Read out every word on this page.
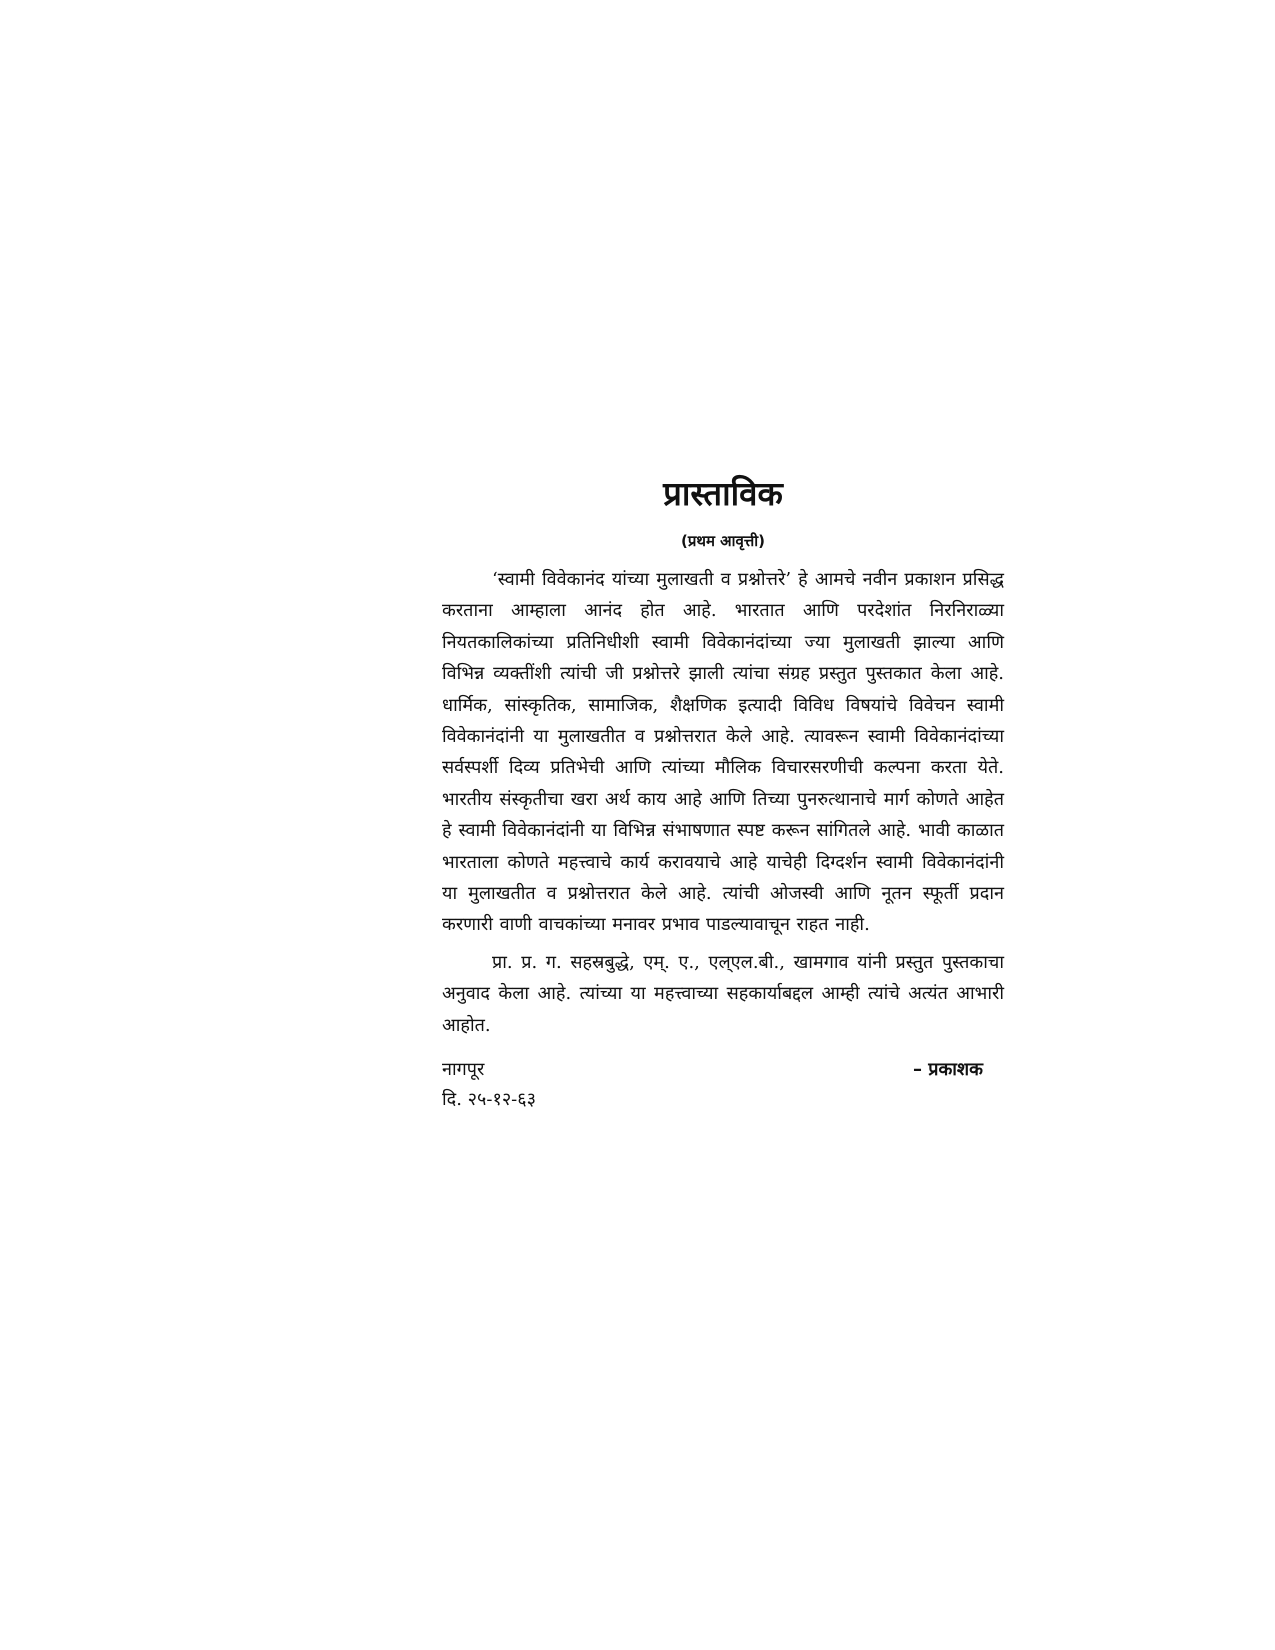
प्रास्ताविक
(प्रथम आवृत्ती)

‘स्वामी विवेकानंद यांच्या मुलाखती व प्रश्नोत्तरे’ हे आमचे नवीन प्रकाशन प्रसिद्ध करताना आम्हाला आनंद होत आहे. भारतात आणि परदेशांत निरनिराळ्या नियतकालिकांच्या प्रतिनिधीशी स्वामी विवेकानंदांच्या ज्या मुलाखती झाल्या आणि विभिन्न व्यक्तींशी त्यांची जी प्रश्नोत्तरे झाली त्यांचा संग्रह प्रस्तुत पुस्तकात केला आहे. धार्मिक, सांस्कृतिक, सामाजिक, शैक्षणिक इत्यादी विविध विषयांचे विवेचन स्वामी विवेकानंदांनी या मुलाखतीत व प्रश्नोत्तरात केले आहे. त्यावरून स्वामी विवेकानंदांच्या सर्वस्पर्शी दिव्य प्रतिभेची आणि त्यांच्या मौलिक विचारसरणीची कल्पना करता येते. भारतीय संस्कृतीचा खरा अर्थ काय आहे आणि तिच्या पुनरुत्थानाचे मार्ग कोणते आहेत हे स्वामी विवेकानंदांनी या विभिन्न संभाषणात स्पष्ट करून सांगितले आहे. भावी काळात भारताला कोणते महत्त्वाचे कार्य करावयाचे आहे याचेही दिग्दर्शन स्वामी विवेकानंदांनी या मुलाखतीत व प्रश्नोत्तरात केले आहे. त्यांची ओजस्वी आणि नूतन स्फूर्ती प्रदान करणारी वाणी वाचकांच्या मनावर प्रभाव पाडल्यावाचून राहत नाही.

प्रा. प्र. ग. सहस्रबुद्धे, एम्. ए., एल्एल.बी., खामगाव यांनी प्रस्तुत पुस्तकाचा अनुवाद केला आहे. त्यांच्या या महत्त्वाच्या सहकार्याबद्दल आम्ही त्यांचे अत्यंत आभारी आहोत.

नागपूर
दि. २५-१२-६३
– प्रकाशक
